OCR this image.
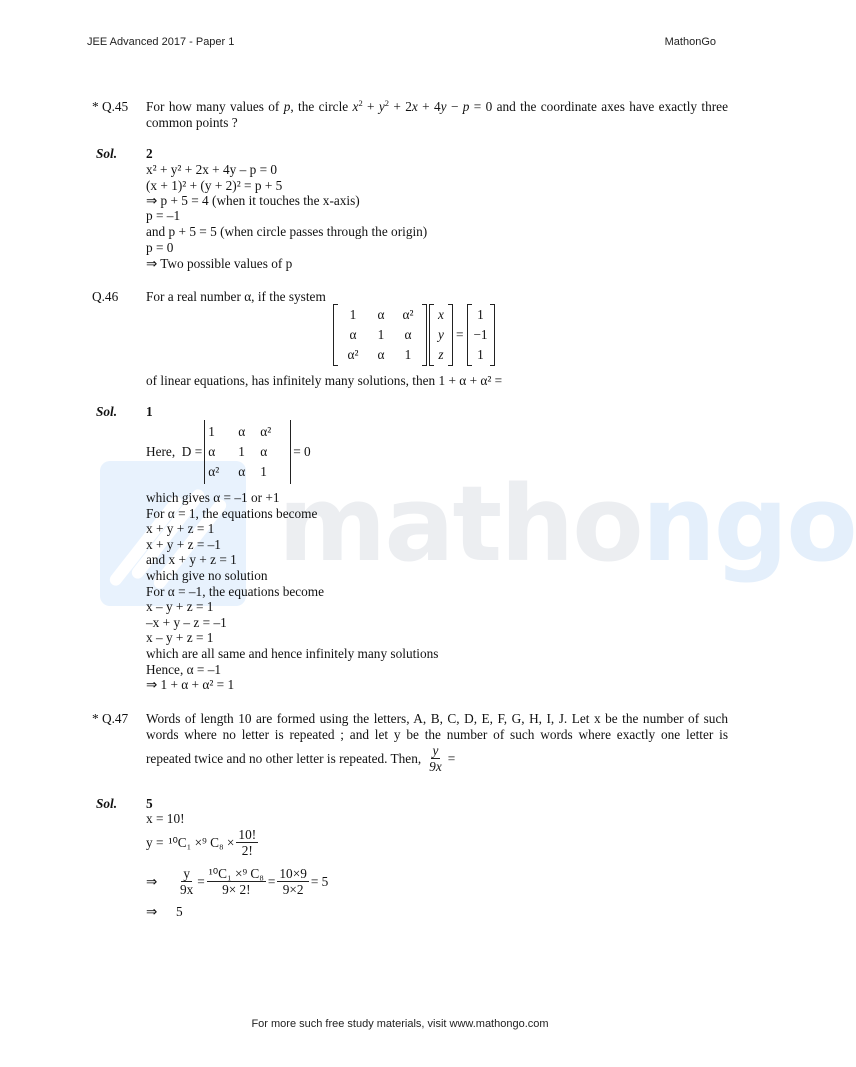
JEE Advanced 2017 - Paper 1	MathonGo
mathongo
* Q.45 For how many values of p, the circle $x^2 + y^2 + 2x + 4y - p = 0$ and the coordinate axes have exactly three common points ?
Sol. 2
x² + y² + 2x + 4y – p = 0
(x + 1)² + (y + 2)² = p + 5
⇒ p + 5 = 4 (when it touches the x-axis)
p = –1
and p + 5 = 5 (when circle passes through the origin)
p = 0
⇒ Two possible values of p
Q.46 For a real number α, if the system
1	α	α²
α	1	α
α²	α	1
x
y
z
=
1
−1
1
of linear equations, has infinitely many solutions, then 1 + α + α² =
Sol. 1
Here,  D =
1	α	α²
α	1	α
α²	α	1
= 0
which gives α = –1 or +1
For α = 1, the equations become
x + y + z = 1
x + y + z = –1
and x + y + z = 1
which give no solution
For α = –1, the equations become
x – y + z = 1
–x + y – z = –1
x – y + z = 1
which are all same and hence infinitely many solutions
Hence, α = –1
⇒ 1 + α + α² = 1
* Q.47 Words of length 10 are formed using the letters, A, B, C, D, E, F, G, H, I, J. Let x be the number of such
words where no letter is repeated ; and let y be the number of such words where exactly one letter is
repeated twice and no other letter is repeated. Then, $\frac{y}{9x}$ =
Sol. 5
x = 10!
y = ¹⁰C₁ ×⁹ $C_8 \times \frac{10!}{2!}$
⇒	$\frac{y}{9x} = \frac{\text{¹⁰C₁ ×⁹ C₈}}{9\times 2!} = \frac{10\times 9}{9\times 2} = 5$
⇒ 5
For more such free study materials, visit www.mathongo.com
